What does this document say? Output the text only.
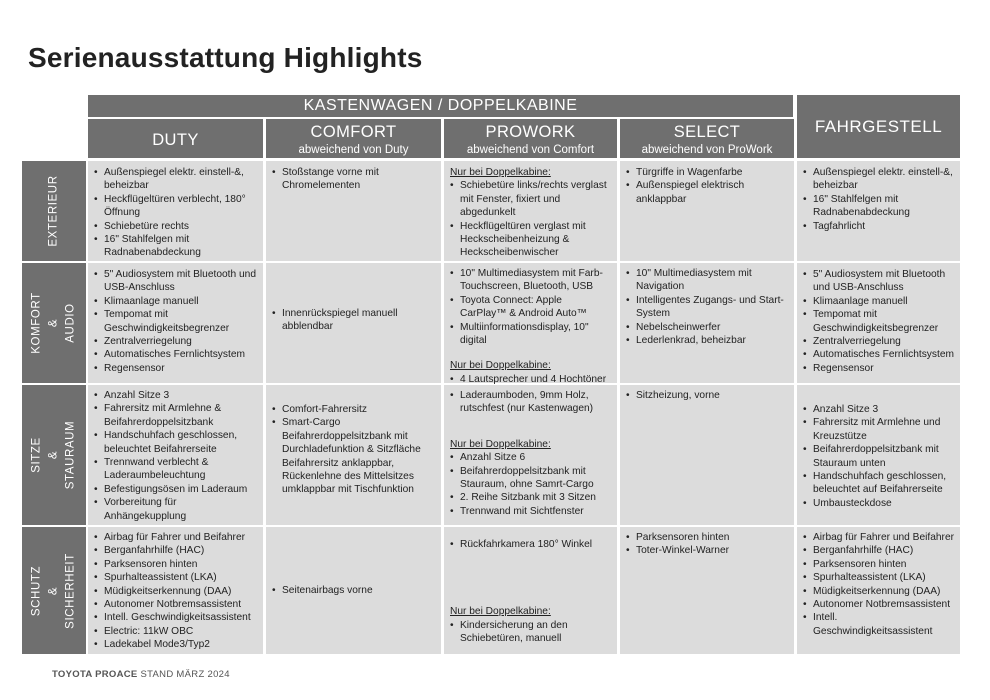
Serienausstattung Highlights
KASTENWAGEN / DOPPELKABINE
FAHRGESTELL
DUTY	COMFORT
abweichend von Duty
PROWORK
abweichend von Comfort
SELECT
abweichend von ProWork
EXTERIEUR
• Außenspiegel elektr. einstell-&, beheizbar
• Heckflügeltüren verblecht, 180° Öffnung
• Schiebetüre rechts
• 16" Stahlfelgen mit Radnabenabdeckung
• Stoßstange vorne mit Chromelementen
Nur bei Doppelkabine:
• Schiebetüre links/rechts verglast mit Fenster, fixiert und abgedunkelt
• Heckflügeltüren verglast mit Heckscheibenheizung & Heckscheibenwischer
• Türgriffe in Wagenfarbe
• Außenspiegel elektrisch anklappbar
• Außenspiegel elektr. einstell-&, beheizbar
• 16" Stahlfelgen mit Radnabenabdeckung
• Tagfahrlicht
KOMFORT & AUDIO
• 5" Audiosystem mit Bluetooth und USB-Anschluss
• Klimaanlage manuell
• Tempomat mit Geschwindigkeitsbegrenzer
• Zentralverriegelung
• Automatisches Fernlichtsystem
• Regensensor
• Innenrückspiegel manuell abblendbar
• 10" Multimediasystem mit Farb-Touchscreen, Bluetooth, USB
• Toyota Connect: Apple CarPlay™ & Android Auto™
• Multiinformationsdisplay, 10" digital
Nur bei Doppelkabine:
• 4 Lautsprecher und 4 Hochtöner
• 10" Multimediasystem mit Navigation
• Intelligentes Zugangs- und Start-System
• Nebelscheinwerfer
• Lederlenkrad, beheizbar
• 5" Audiosystem mit Bluetooth und USB-Anschluss
• Klimaanlage manuell
• Tempomat mit Geschwindigkeitsbegrenzer
• Zentralverriegelung
• Automatisches Fernlichtsystem
• Regensensor
SITZE & STAURAUM
• Anzahl Sitze 3
• Fahrersitz mit Armlehne & Beifahrerdoppelsitzbank
• Handschuhfach geschlossen, beleuchtet Beifahrerseite
• Trennwand verblecht & Laderaumbeleuchtung
• Befestigungsösen im Laderaum
• Vorbereitung für Anhängekupplung
• Comfort-Fahrersitz
• Smart-Cargo Beifahrerdoppelsitzbank mit Durchladefunktion & Sitzfläche Beifahrersitz anklappbar, Rückenlehne des Mittelsitzes umklappbar mit Tischfunktion
• Laderaumboden, 9mm Holz, rutschfest (nur Kastenwagen)
Nur bei Doppelkabine:
• Anzahl Sitze 6
• Beifahrerdoppelsitzbank mit Stauraum, ohne Samrt-Cargo
• 2. Reihe Sitzbank mit 3 Sitzen
• Trennwand mit Sichtfenster
• Sitzheizung, vorne
• Anzahl Sitze 3
• Fahrersitz mit Armlehne und Kreuzstütze
• Beifahrerdoppelsitzbank mit Stauraum unten
• Handschuhfach geschlossen, beleuchtet auf Beifahrerseite
• Umbausteckdose
SCHUTZ & SICHERHEIT
• Airbag für Fahrer und Beifahrer
• Berganfahrhilfe (HAC)
• Parksensoren hinten
• Spurhalteassistent (LKA)
• Müdigkeitserkennung (DAA)
• Autonomer Notbremsassistent
• Intell. Geschwindigkeitsassistent
• Electric: 11kW OBC
• Ladekabel Mode3/Typ2
• Seitenairbags vorne
• Rückfahrkamera 180° Winkel
Nur bei Doppelkabine:
• Kindersicherung an den Schiebetüren, manuell
• Parksensoren hinten
• Toter-Winkel-Warner
• Airbag für Fahrer und Beifahrer
• Berganfahrhilfe (HAC)
• Parksensoren hinten
• Spurhalteassistent (LKA)
• Müdigkeitserkennung (DAA)
• Autonomer Notbremsassistent
• Intell. Geschwindigkeitsassistent
TOYOTA PROACE STAND MÄRZ 2024
